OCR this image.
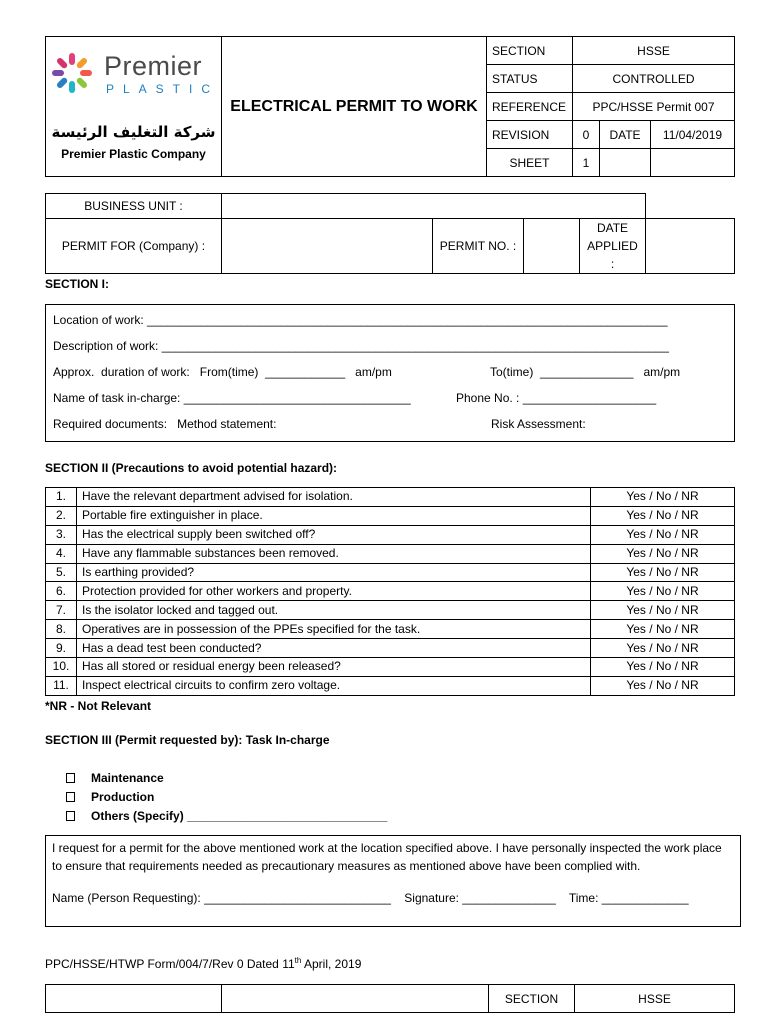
Premier
PLASTIC
شركة التغليف الرئيسة
Premier Plastic Company	ELECTRICAL PERMIT TO WORK	SECTION	HSSE		
		STATUS	CONTROLLED		
		REFERENCE	PPC/HSSE Permit 007		
		REVISION	0	DATE	11/04/2019
		SHEET	1		
BUSINESS UNIT :					
PERMIT FOR (Company) :		PERMIT NO. :		DATE
APPLIED :	

SECTION I:
Location of work: ______________________________________________________________________________
Description of work: ____________________________________________________________________________
Approx.  duration of work:   From(time)  ____________   am/pm	To(time)  ______________   am/pm
Name of task in-charge: __________________________________	Phone No. : ____________________
Required documents:   Method statement:	Risk Assessment:
SECTION II (Precautions to avoid potential hazard):
1.	Have the relevant department advised for isolation.	Yes / No / NR
2.	Portable fire extinguisher in place.	Yes / No / NR
3.	Has the electrical supply been switched off?	Yes / No / NR
4.	Have any flammable substances been removed.	Yes / No / NR
5.	Is earthing provided?	Yes / No / NR
6.	Protection provided for other workers and property.	Yes / No / NR
7.	Is the isolator locked and tagged out.	Yes / No / NR
8.	Operatives are in possession of the PPEs specified for the task.	Yes / No / NR
9.	Has a dead test been conducted?	Yes / No / NR
10.	Has all stored or residual energy been released?	Yes / No / NR
11.	Inspect electrical circuits to confirm zero voltage.	Yes / No / NR
*NR - Not Relevant
SECTION III (Permit requested by): Task In-charge
Maintenance
Production
Others (Specify) ______________________________
I request for a permit for the above mentioned work at the location specified above. I have personally inspected the work place to ensure that requirements needed as precautionary measures as mentioned above have been complied with.
Name (Person Requesting): ____________________________    Signature: ______________    Time: _____________
PPC/HSSE/HTWP Form/004/7/Rev 0 Dated 11th April, 2019
		SECTION	HSSE
